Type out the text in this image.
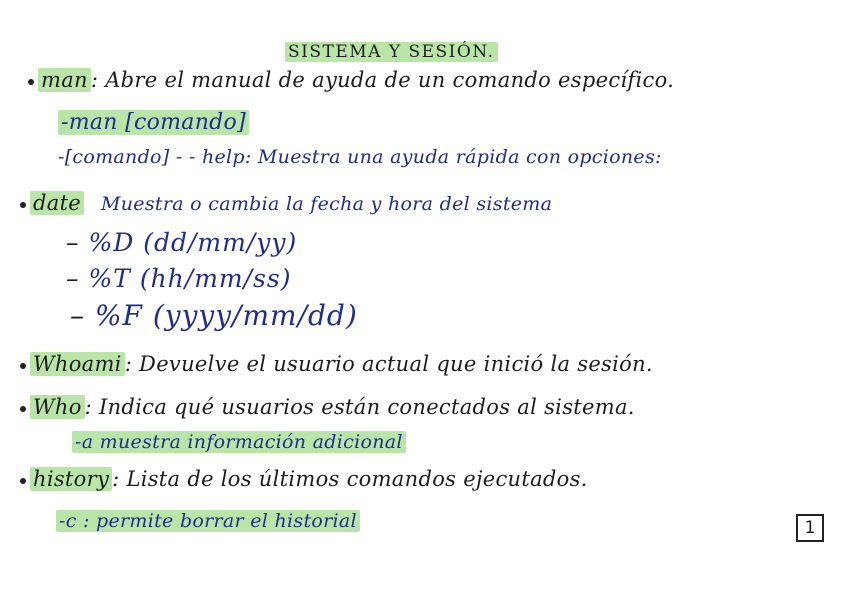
SISTEMA Y SESIÓN.
man : Abre el manual de ayuda de un comando específico.
-man [comando]
-[comando] - - help: Muestra una ayuda rápida con opciones:
date Muestra o cambia la fecha y hora del sistema
– %D (dd/mm/yy)
– %T (hh/mm/ss)
– %F (yyyy/mm/dd)
Whoami : Devuelve el usuario actual que inició la sesión.
Who : Indica qué usuarios están conectados al sistema.
-a muestra información adicional
history : Lista de los últimos comandos ejecutados.
-c : permite borrar el historial	1
